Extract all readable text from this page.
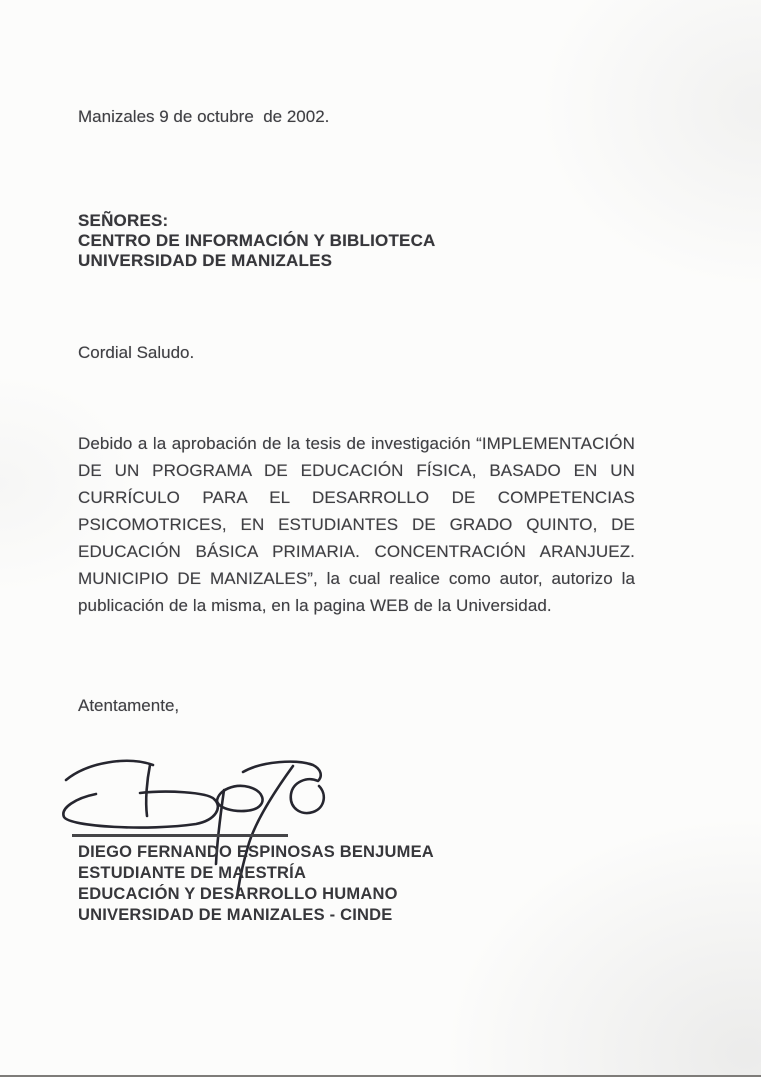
Manizales 9 de octubre  de 2002.
SEÑORES:
CENTRO DE INFORMACIÓN Y BIBLIOTECA
UNIVERSIDAD DE MANIZALES
Cordial Saludo.
Debido a la aprobación de la tesis de investigación “IMPLEMENTACIÓN DE UN PROGRAMA DE EDUCACIÓN FÍSICA, BASADO EN UN CURRÍCULO PARA EL DESARROLLO DE COMPETENCIAS PSICOMOTRICES, EN ESTUDIANTES DE GRADO QUINTO, DE EDUCACIÓN BÁSICA PRIMARIA. CONCENTRACIÓN ARANJUEZ. MUNICIPIO DE MANIZALES”, la cual realice como autor, autorizo la publicación de la misma, en la pagina WEB de la Universidad.
Atentamente,
DIEGO FERNANDO ESPINOSAS BENJUMEA
ESTUDIANTE DE MAESTRÍA
EDUCACIÓN Y DESARROLLO HUMANO
UNIVERSIDAD DE MANIZALES - CINDE
